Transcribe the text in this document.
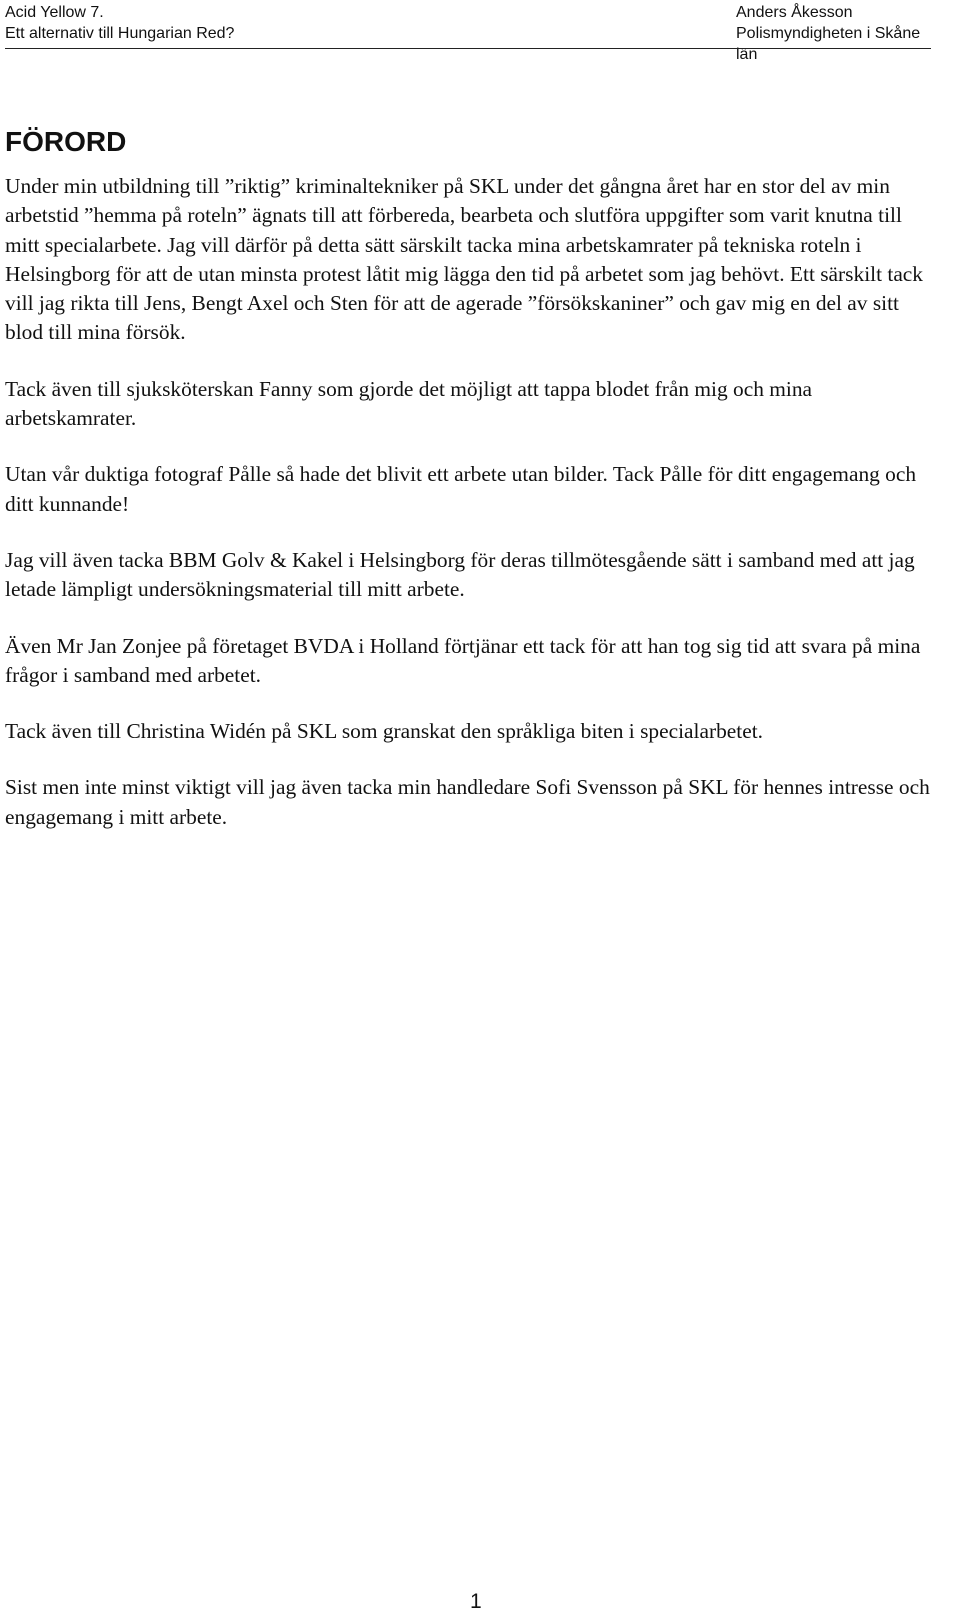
Acid Yellow 7.
Ett alternativ till Hungarian Red?
Anders Åkesson
Polismyndigheten i Skåne län
FÖRORD

Under min utbildning till ”riktig” kriminaltekniker på SKL under det gångna året har en stor del av min arbetstid ”hemma på roteln” ägnats till att förbereda, bearbeta och slutföra uppgifter som varit knutna till mitt specialarbete. Jag vill därför på detta sätt särskilt tacka mina arbetskamrater på tekniska roteln i Helsingborg för att de utan minsta protest låtit mig lägga den tid på arbetet som jag behövt. Ett särskilt tack vill jag rikta till Jens, Bengt Axel och Sten för att de agerade ”försökskaniner” och gav mig en del av sitt blod till mina försök.

Tack även till sjuksköterskan Fanny som gjorde det möjligt att tappa blodet från mig och mina arbetskamrater.

Utan vår duktiga fotograf Pålle så hade det blivit ett arbete utan bilder. Tack Pålle för ditt engagemang och ditt kunnande!

Jag vill även tacka BBM Golv & Kakel i Helsingborg för deras tillmötesgående sätt i samband med att jag letade lämpligt undersökningsmaterial till mitt arbete.

Även Mr Jan Zonjee på företaget BVDA i Holland förtjänar ett tack för att han tog sig tid att svara på mina frågor i samband med arbetet.

Tack även till Christina Widén på SKL som granskat den språkliga biten i specialarbetet.

Sist men inte minst viktigt vill jag även tacka min handledare Sofi Svensson på SKL för hennes intresse och engagemang i mitt arbete.

1
